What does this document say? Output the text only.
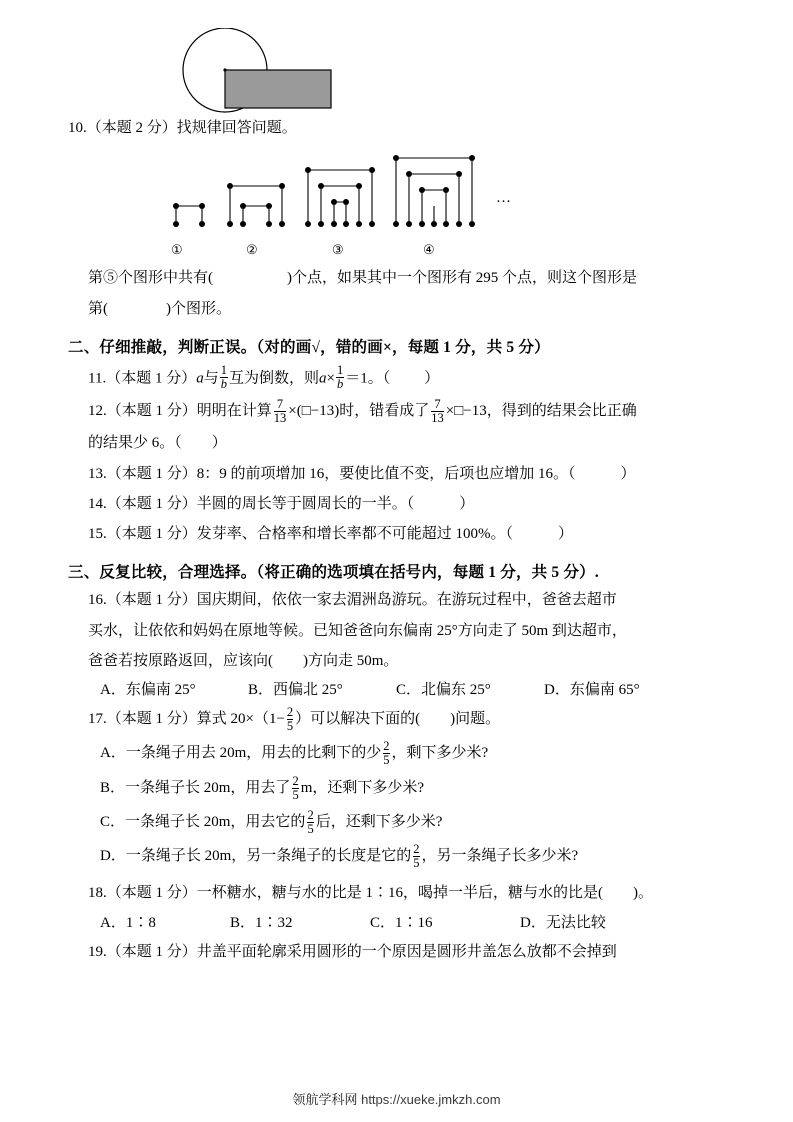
10.（本题 2 分）找规律回答问题。
①	②	③	④
…
第⑤个图形中共有(	)个点，如果其中一个图形有 295 个点，则这个图形是
第(	)个图形。
二、仔细推敲，判断正误。（对的画√，错的画×，每题 1 分，共 5 分）
11.（本题 1 分）a与 $\frac{1}{b}$ 互为倒数，则$a\times \frac{1}{b} =1$。（ ）
12.（本题 1 分）明明在计算 $\frac{7}{13}$ ×(□−13)时，错看成了 $\frac{7}{13}$ ×□−13，得到的结果会比正确
的结果少 6。（　　）
13.（本题 1 分）8：9 的前项增加 16，要使比值不变，后项也应增加 16。（　　　）
14.（本题 1 分）半圆的周长等于圆周长的一半。（　　　）
15.（本题 1 分）发芽率、合格率和增长率都不可能超过 100%。（　　　）
三、反复比较，合理选择。（将正确的选项填在括号内，每题 1 分，共 5 分）.
16.（本题 1 分）国庆期间，依依一家去湄洲岛游玩。在游玩过程中，爸爸去超市
买水，让依依和妈妈在原地等候。已知爸爸向东偏南 25°方向走了 50m 到达超市，
爸爸若按原路返回，应该向(　　)方向走 50m。
A．东偏南 25°	B．西偏北 25°	C．北偏东 25°	D．东偏南 65°
17.（本题 1 分）算式 $20\times(1- \frac{2}{5}$ ）可以解决下面的(　　)问题。
A．一条绳子用去 20m，用去的比剩下的少 $\frac{2}{5}$ ，剩下多少米?
B．一条绳子长 20m，用去了 $\frac{2}{5}$ m，还剩下多少米?
C．一条绳子长 20m，用去它的 $\frac{2}{5}$ 后，还剩下多少米?
D．一条绳子长 20m，另一条绳子的长度是它的 $\frac{2}{5}$ ，另一条绳子长多少米?
18.（本题 1 分）一杯糖水，糖与水的比是 1∶16，喝掉一半后，糖与水的比是(　　)。
A．1∶8	B．1∶32	C．1∶16	D．无法比较
19.（本题 1 分）井盖平面轮廓采用圆形的一个原因是圆形井盖怎么放都不会掉到
领航学科网 https://xueke.jmkzh.com
